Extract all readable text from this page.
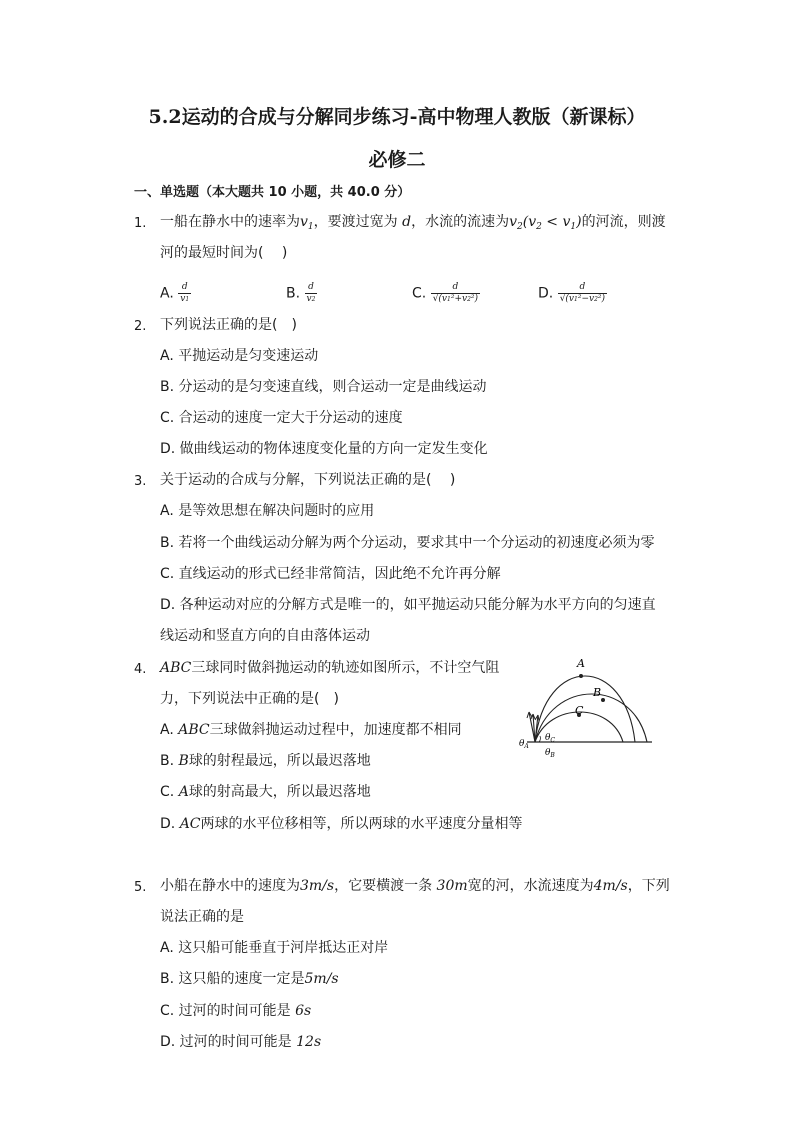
5.2运动的合成与分解同步练习-高中物理人教版（新课标）
必修二
一、单选题（本大题共 10 小题，共 40.0 分）
1. 一船在静水中的速率为$v_1$，要渡过宽为 d，水流的流速为$v_2(v_2 < v_1)$的河流，则渡
河的最短时间为(　 )
A. $\frac{d}{v1}$	B. $\frac{d}{v2}$	C. $\frac{d}{\text{√(v1²+v2²)}}$	D. $\frac{d}{\text{√(v1²−v2²)}}$
2. 下列说法正确的是(　)
A. 平抛运动是匀变速运动
B. 分运动的是匀变速直线，则合运动一定是曲线运动
C. 合运动的速度一定大于分运动的速度
D. 做曲线运动的物体速度变化量的方向一定发生变化
3. 关于运动的合成与分解，下列说法正确的是(　 )
A. 是等效思想在解决问题时的应用
B. 若将一个曲线运动分解为两个分运动，要求其中一个分运动的初速度必须为零
C. 直线运动的形式已经非常简洁，因此绝不允许再分解
D. 各种运动对应的分解方式是唯一的，如平抛运动只能分解为水平方向的匀速直
线运动和竖直方向的自由落体运动
4. ABC三球同时做斜抛运动的轨迹如图所示，不计空气阻
力，下列说法中正确的是(　)
A. ABC三球做斜抛运动过程中，加速度都不相同
B. B球的射程最远，所以最迟落地
C. A球的射高最大，所以最迟落地
D. AC两球的水平位移相等，所以两球的水平速度分量相等
A
B
C
$\theta_A$
$\theta_C$
$\theta_B$
5. 小船在静水中的速度为3m/s，它要横渡一条 30m宽的河，水流速度为4m/s，下列
说法正确的是
A. 这只船可能垂直于河岸抵达正对岸
B. 这只船的速度一定是5m/s
C. 过河的时间可能是 6s
D. 过河的时间可能是 12s
